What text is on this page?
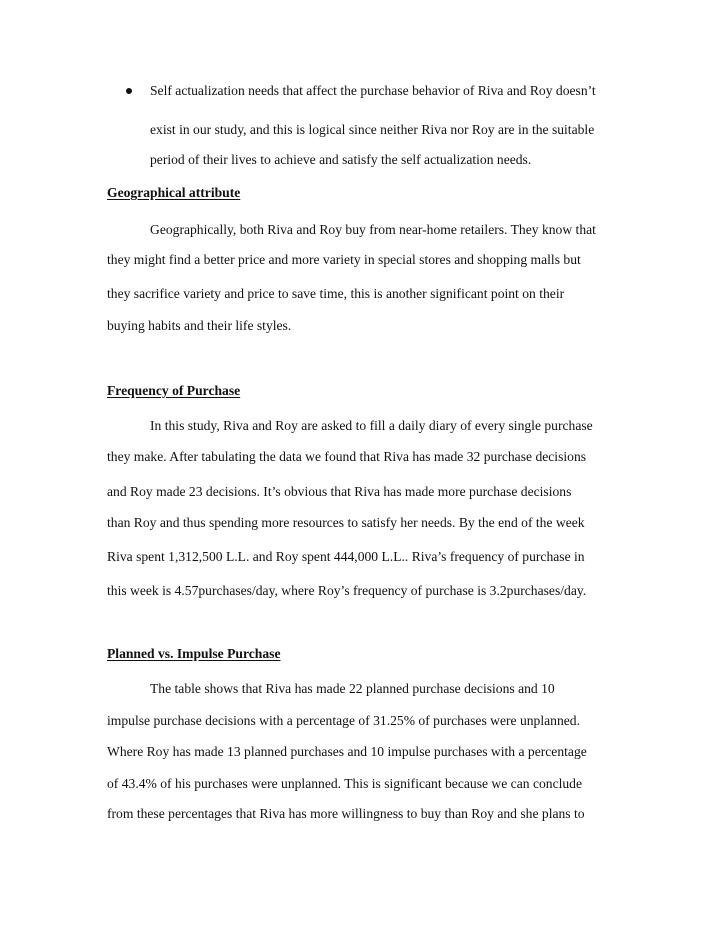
Self actualization needs that affect the purchase behavior of Riva and Roy doesn’t

exist in our study, and this is logical since neither Riva nor Roy are in the suitable

period of their lives to achieve and satisfy the self actualization needs.

Geographical attribute

Geographically, both Riva and Roy buy from near-home retailers. They know that

they might find a better price and more variety in special stores and shopping malls but

they sacrifice variety and price to save time, this is another significant point on their

buying habits and their life styles.

Frequency of Purchase

In this study, Riva and Roy are asked to fill a daily diary of every single purchase

they make. After tabulating the data we found that Riva has made 32 purchase decisions

and Roy made 23 decisions. It’s obvious that Riva has made more purchase decisions

than Roy and thus spending more resources to satisfy her needs. By the end of the week

Riva spent 1,312,500 L.L. and Roy spent 444,000 L.L.. Riva’s frequency of purchase in

this week is 4.57purchases/day, where Roy’s frequency of purchase is 3.2purchases/day.

Planned vs. Impulse Purchase

The table shows that Riva has made 22 planned purchase decisions and 10

impulse purchase decisions with a percentage of 31.25% of purchases were unplanned.

Where Roy has made 13 planned purchases and 10 impulse purchases with a percentage

of 43.4% of his purchases were unplanned. This is significant because we can conclude

from these percentages that Riva has more willingness to buy than Roy and she plans to
